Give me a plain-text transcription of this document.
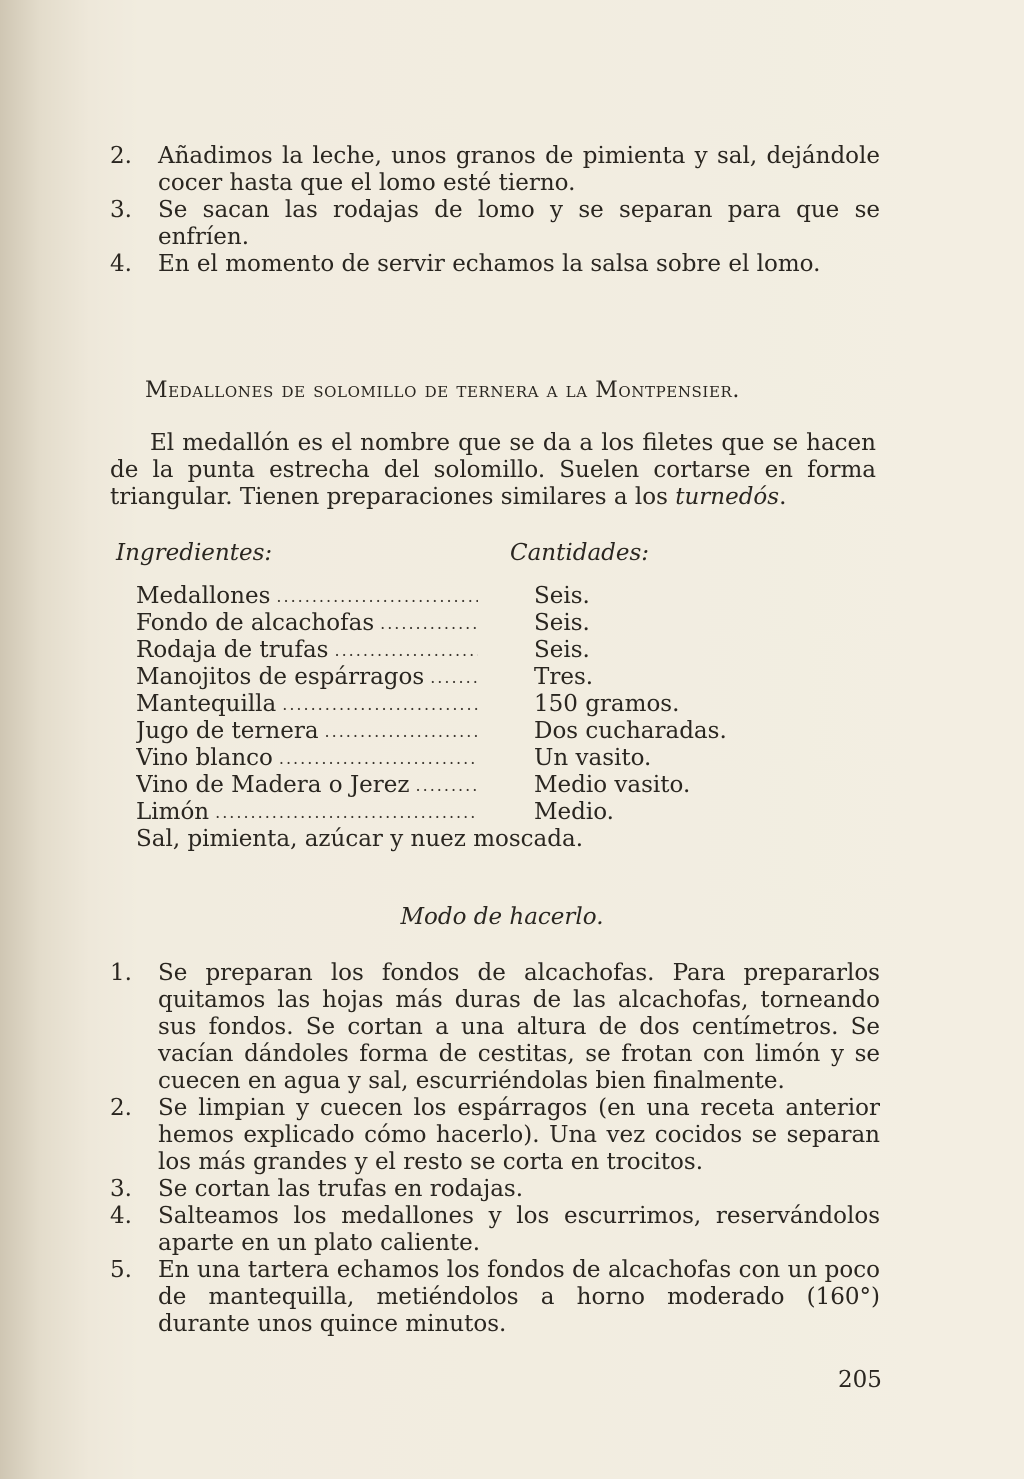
2.	Añadimos la leche, unos granos de pimienta y sal, dejándole cocer hasta que el lomo esté tierno.
3.	Se sacan las rodajas de lomo y se separan para que se enfríen.
4.	En el momento de servir echamos la salsa sobre el lomo.
Medallones de solomillo de ternera a la Montpensier.
El medallón es el nombre que se da a los filetes que se hacen de la punta estrecha del solomillo. Suelen cortarse en forma triangular. Tienen preparaciones similares a los turnedós.
Ingredientes:	Cantidades:
Medallones .....	Seis.
Fondo de alcachofas .....	Seis.
Rodaja de trufas .....	Seis.
Manojitos de espárragos .....	Tres.
Mantequilla .....	150 gramos.
Jugo de ternera .....	Dos cucharadas.
Vino blanco .....	Un vasito.
Vino de Madera o Jerez .....	Medio vasito.
Limón .....	Medio.
Sal, pimienta, azúcar y nuez moscada.
Modo de hacerlo.
1.	Se preparan los fondos de alcachofas. Para prepararlos quitamos las hojas más duras de las alcachofas, torneando sus fondos. Se cortan a una altura de dos centímetros. Se vacían dándoles forma de cestitas, se frotan con limón y se cuecen en agua y sal, escurriéndolas bien finalmente.
2.	Se limpian y cuecen los espárragos (en una receta anterior hemos explicado cómo hacerlo). Una vez cocidos se separan los más grandes y el resto se corta en trocitos.
3.	Se cortan las trufas en rodajas.
4.	Salteamos los medallones y los escurrimos, reservándolos aparte en un plato caliente.
5.	En una tartera echamos los fondos de alcachofas con un poco de mantequilla, metiéndolos a horno moderado (160°) durante unos quince minutos.
205
